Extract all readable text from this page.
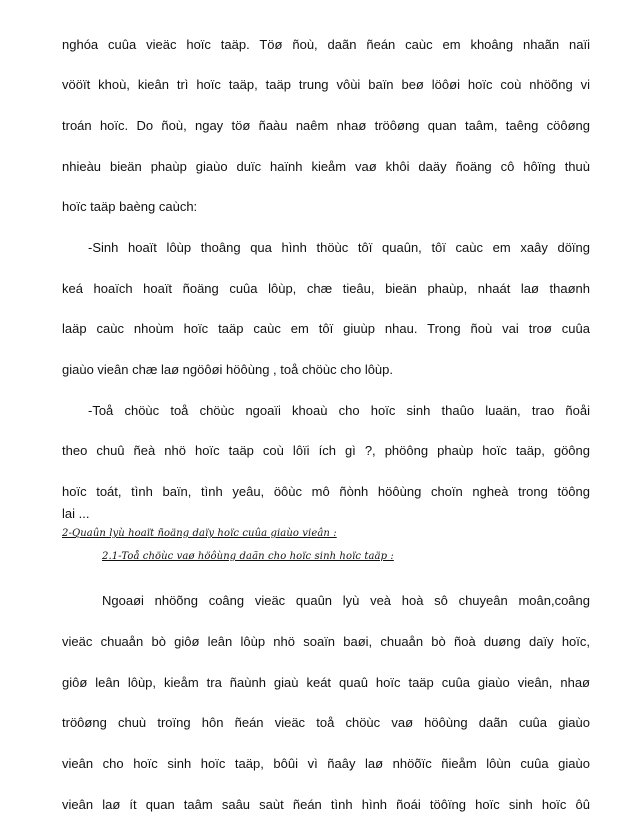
nghóa cuûa vieäc hoïc taäp. Töø ñoù, daãn ñeán caùc em khoâng nhaãn naïi
vööït khoù, kieân trì hoïc taäp, taäp trung vôùi baïn beø löôøi hoïc coù nhöõng vi
troán hoïc. Do ñoù, ngay töø ñaàu naêm nhaø tröôøng quan taâm, taêng cöôøng
nhieàu bieän phaùp giaùo duïc haïnh kieåm vaø khôi daäy ñoäng cô hôïng thuù
hoïc taäp baèng caùch:
-Sinh hoaït lôùp thoâng qua hình thöùc tôï quaûn, tôï caùc em xaây döïng
keá hoaïch hoaït ñoäng cuûa lôùp, chæ tieâu, bieän phaùp, nhaát laø thaønh
laäp caùc nhoùm hoïc taäp caùc em tôï giuùp nhau. Trong ñoù vai troø cuûa
giaùo vieân chæ laø ngöôøi höôùng , toå chöùc cho lôùp.
-Toå chöùc toå chöùc ngoaïi khoaù cho hoïc sinh thaûo luaän, trao ñoåi
theo chuû ñeà nhö hoïc taäp coù lôïi ích gì ?, phöông phaùp hoïc taäp, göông
hoïc toát, tình baïn, tình yeâu, öôùc mô ñònh höôùng choïn ngheà trong töông
lai ...
2-Quaûn lyù hoaït ñoäng daïy hoïc cuûa giaùo vieân :
2.1-Toå chöùc vaø höôùng daãn cho hoïc sinh hoïc taäp :
Ngoaøi nhöõng coâng vieäc quaûn lyù veà hoà sô chuyeân moân,coâng
vieäc chuaån bò giôø leân lôùp nhö soaïn baøi, chuaån bò ñoà duøng daïy hoïc,
giôø leân lôùp, kieåm tra ñaùnh giaù keát quaû hoïc taäp cuûa giaùo vieân, nhaø
tröôøng chuù troïng hôn ñeán vieäc toå chöùc vaø höôùng daãn cuûa giaùo
vieân cho hoïc sinh hoïc taäp, bôûi vì ñaây laø nhöõïc ñieåm lôùn cuûa giaùo
vieân laø ít quan taâm saâu saùt ñeán tình hình ñoái töôïng hoïc sinh hoïc ôû
